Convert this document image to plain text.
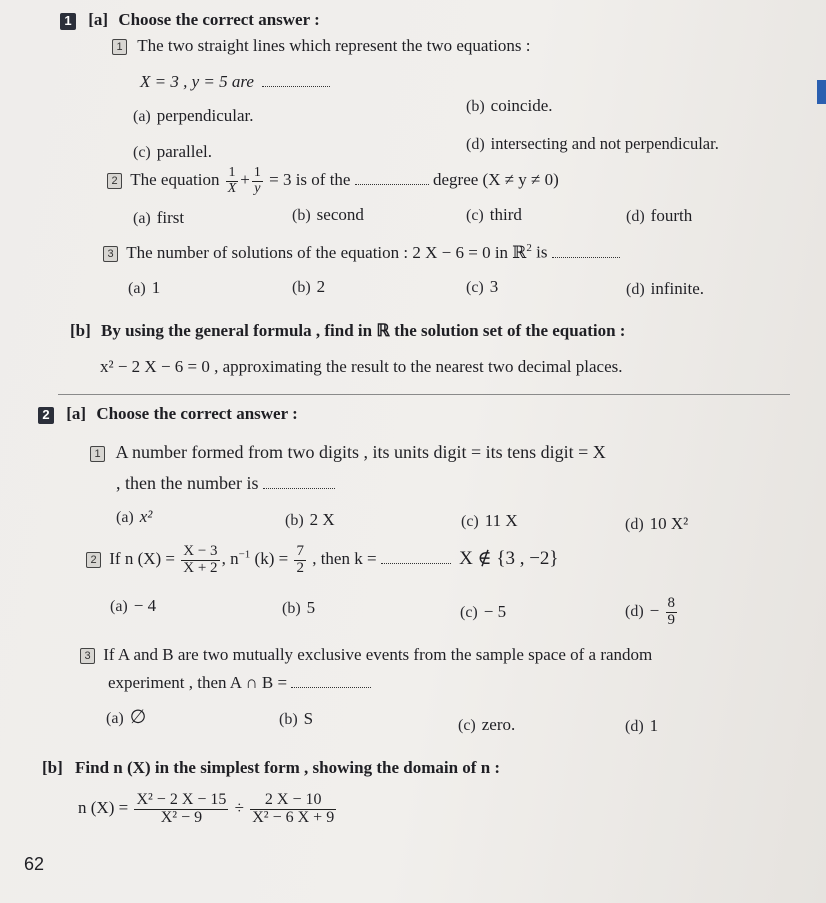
1 [a] Choose the correct answer :
1 The two straight lines which represent the two equations :
X = 3 , y = 5 are
(a) perpendicular.	(b) coincide.
(c) parallel.	(d) intersecting and not perpendicular.
2 The equation $\frac{1}{X} + \frac{1}{y} = 3$ is of the	degree (X ≠ y ≠ 0)
(a) first	(b) second	(c) third	(d) fourth
3 The number of solutions of the equation : 2 X − 6 = 0 in ℝ$^2$ is
(a) 1	(b) 2	(c) 3	(d) infinite.
[b] By using the general formula , find in ℝ the solution set of the equation :
x² − 2 X − 6 = 0 , approximating the result to the nearest two decimal places.
2 [a] Choose the correct answer :
1 A number formed from two digits , its units digit = its tens digit = X
, then the number is
(a) x²	(b) 2 X	(c) 11 X	(d) 10 X²
2 If n $(X) = \frac{X - 3}{X + 2}$ , $n^{-1}$ $(k) = \frac{7}{2}$ , then k =	X ∉ {3 , −2}
(a) − 4	(b) 5	(c) − 5	$(d) - \frac{8}{9}$
3 If A and B are two mutually exclusive events from the sample space of a random
experiment , then A ∩ B =
(a) ∅	(b) S	(c) zero.	(d) 1
[b] Find n (X) in the simplest form , showing the domain of n :
n $(X) = \frac{\text{X² − 2 X − 15}}{\text{X² − 9}} \div \frac{2 X - 10}{\text{X² − 6 X + 9}}$
62
